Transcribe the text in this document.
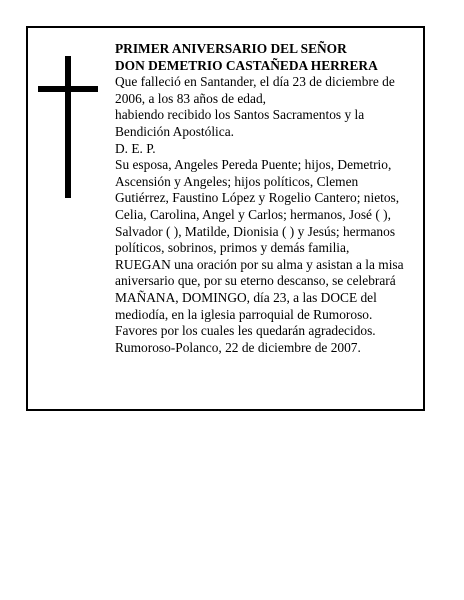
PRIMER ANIVERSARIO DEL SEÑOR
DON DEMETRIO CASTAÑEDA HERRERA
Que falleció en Santander, el día 23 de diciembre de
2006, a los 83 años de edad,
habiendo recibido los Santos Sacramentos y la Bendición Apostólica.
D. E. P.
Su esposa, Angeles Pereda Puente; hijos, Demetrio, Ascensión y Angeles; hijos políticos, Clemen Gutiérrez, Faustino López y Rogelio Cantero; nietos, Celia, Carolina, Angel y Carlos; hermanos, José ( ), Salvador ( ), Matilde, Dionisia ( ) y Jesús; hermanos políticos, sobrinos, primos y demás familia,
RUEGAN una oración por su alma y asistan a la misa aniversario que, por su eterno descanso, se celebrará MAÑANA, DOMINGO, día 23, a las DOCE del mediodía, en la iglesia parroquial de Rumoroso.
Favores por los cuales les quedarán agradecidos.
Rumoroso-Polanco, 22 de diciembre de 2007.
